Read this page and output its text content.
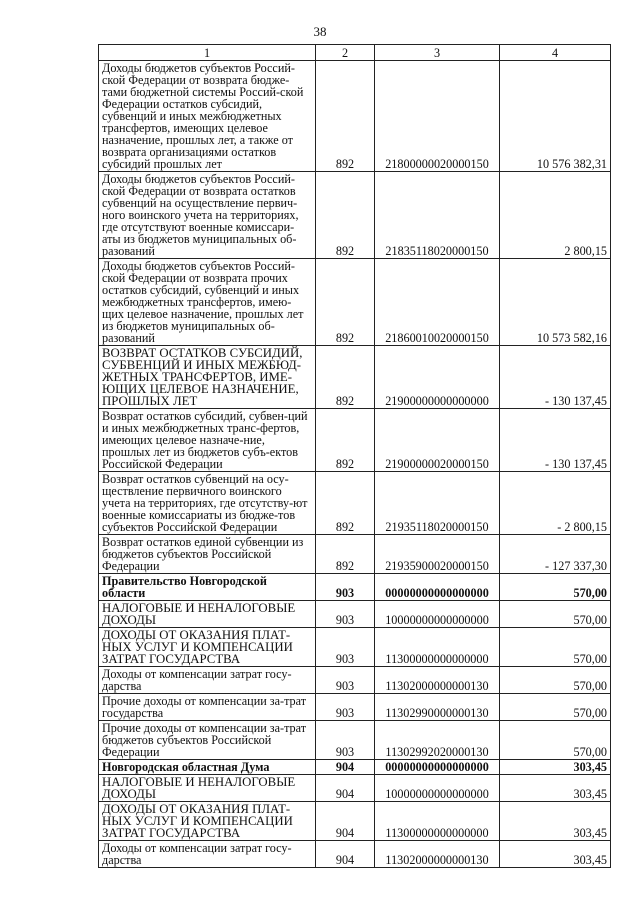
38
1	2	3	4
Доходы бюджетов субъектов Россий-ской Федерации от возврата бюдже-тами бюджетной системы Россий-ской Федерации остатков субсидий, субвенций и иных межбюджетных трансфертов, имеющих целевое назначение, прошлых лет, а также от возврата организациями остатков субсидий прошлых лет	892	21800000020000150	10 576 382,31
Доходы бюджетов субъектов Россий-ской Федерации от возврата остатков субвенций на осуществление первич-ного воинского учета на территориях, где отсутствуют военные комиссари-аты из бюджетов муниципальных об-разований	892	21835118020000150	2 800,15
Доходы бюджетов субъектов Россий-ской Федерации от возврата прочих остатков субсидий, субвенций и иных межбюджетных трансфертов, имею-щих целевое назначение, прошлых лет из бюджетов муниципальных об-разований	892	21860010020000150	10 573 582,16
ВОЗВРАТ ОСТАТКОВ СУБСИДИЙ, СУБВЕНЦИЙ И ИНЫХ МЕЖБЮД-ЖЕТНЫХ ТРАНСФЕРТОВ, ИМЕ-ЮЩИХ ЦЕЛЕВОЕ НАЗНАЧЕНИЕ, ПРОШЛЫХ ЛЕТ	892	21900000000000000	- 130 137,45
Возврат остатков субсидий, субвен-ций и иных межбюджетных транс-фертов, имеющих целевое назначе-ние, прошлых лет из бюджетов субъ-ектов Российской Федерации	892	21900000020000150	- 130 137,45
Возврат остатков субвенций на осу-ществление первичного воинского учета на территориях, где отсутству-ют военные комиссариаты из бюдже-тов субъектов Российской Федерации	892	21935118020000150	- 2 800,15
Возврат остатков единой субвенции из бюджетов субъектов Российской Федерации	892	21935900020000150	- 127 337,30
Правительство Новгородской области	903	00000000000000000	570,00
НАЛОГОВЫЕ И НЕНАЛОГОВЫЕ ДОХОДЫ	903	10000000000000000	570,00
ДОХОДЫ ОТ ОКАЗАНИЯ ПЛАТ-НЫХ УСЛУГ И КОМПЕНСАЦИИ ЗАТРАТ ГОСУДАРСТВА	903	11300000000000000	570,00
Доходы от компенсации затрат госу-дарства	903	11302000000000130	570,00
Прочие доходы от компенсации за-трат государства	903	11302990000000130	570,00
Прочие доходы от компенсации за-трат бюджетов субъектов Российской Федерации	903	11302992020000130	570,00
Новгородская областная Дума	904	00000000000000000	303,45
НАЛОГОВЫЕ И НЕНАЛОГОВЫЕ ДОХОДЫ	904	10000000000000000	303,45
ДОХОДЫ ОТ ОКАЗАНИЯ ПЛАТ-НЫХ УСЛУГ И КОМПЕНСАЦИИ ЗАТРАТ ГОСУДАРСТВА	904	11300000000000000	303,45
Доходы от компенсации затрат госу-дарства	904	11302000000000130	303,45
